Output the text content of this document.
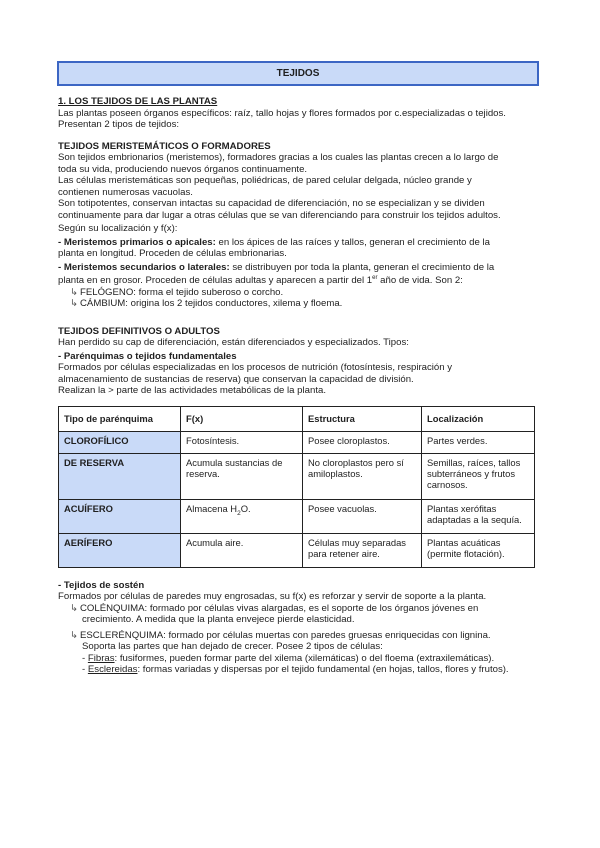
TEJIDOS

1. LOS TEJIDOS DE LAS PLANTAS

Las plantas poseen órganos específicos: raíz, tallo hojas y flores formados por c.especializadas o tejidos.

Presentan 2 tipos de tejidos:

TEJIDOS MERISTEMÁTICOS O FORMADORES

Son tejidos embrionarios (meristemos), formadores gracias a los cuales las plantas crecen a lo largo de

toda su vida, produciendo nuevos órganos continuamente.

Las células meristemáticas son pequeñas, poliédricas, de pared celular delgada, núcleo grande y

contienen numerosas vacuolas.

Son totipotentes, conservan intactas su capacidad de diferenciación, no se especializan y se dividen

continuamente para dar lugar a otras células que se van diferenciando para construir los tejidos adultos.

Según su localización y f(x):

- Meristemos primarios o apicales: en los ápices de las raíces y tallos, generan el crecimiento de la

planta en longitud. Proceden de células embrionarias.

- Meristemos secundarios o laterales: se distribuyen por toda la planta, generan el crecimiento de la

planta en en grosor. Proceden de células adultas y aparecen a partir del 1er año de vida. Son 2:

↳ FELÓGENO: forma el tejido suberoso o corcho.

↳ CÁMBIUM: origina los 2 tejidos conductores, xilema y floema.

TEJIDOS DEFINITIVOS O ADULTOS

Han perdido su cap de diferenciación, están diferenciados y especializados. Tipos:

- Parénquimas o tejidos fundamentales

Formados por células especializadas en los procesos de nutrición (fotosíntesis, respiración y

almacenamiento de sustancias de reserva) que conservan la capacidad de división.

Realizan la > parte de las actividades metabólicas de la planta.

Tipo de parénquima	F(x)	Estructura	Localización
CLOROFÍLICO	Fotosíntesis.	Posee cloroplastos.	Partes verdes.
DE RESERVA	Acumula sustancias de reserva.	No cloroplastos pero sí amiloplastos.	Semillas, raíces, tallos subterráneos y frutos carnosos.
ACUÍFERO	Almacena $H_2O$.	Posee vacuolas.	Plantas xerófitas adaptadas a la sequía.
AERÍFERO	Acumula aire.	Células muy separadas para retener aire.	Plantas acuáticas (permite flotación).

- Tejidos de sostén

Formados por células de paredes muy engrosadas, su f(x) es reforzar y servir de soporte a la planta.

↳ COLÉNQUIMA: formado por células vivas alargadas, es el soporte de los órganos jóvenes en

crecimiento. A medida que la planta envejece pierde elasticidad.

↳ ESCLERÉNQUIMA: formado por células muertas con paredes gruesas enriquecidas con lignina.

Soporta las partes que han dejado de crecer. Posee 2 tipos de células:

- Fibras: fusiformes, pueden formar parte del xilema (xilemáticas) o del floema (extraxilemáticas).

- Esclereidas: formas variadas y dispersas por el tejido fundamental (en hojas, tallos, flores y frutos).
